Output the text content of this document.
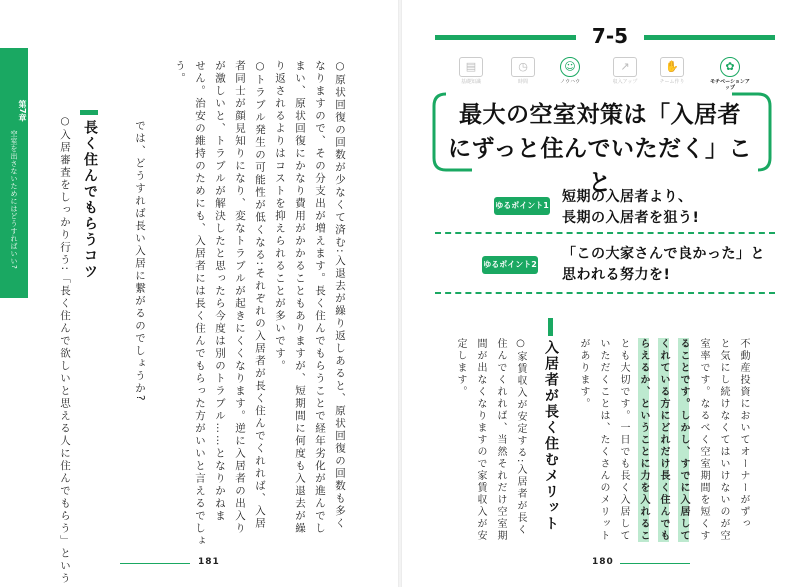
第7章
空室を出さないためにはどうすればいい?	○原状回復の回数が少なくて済む:入退去が繰り返しあると、原状回復の回数も多く
なりますので、その分支出が増えます。長く住んでもらうことで経年劣化が進んでし
まい、原状回復にかなり費用がかかることもありますが、短期間に何度も入退去が繰
り返されるよりはコストを抑えられることが多いです。
○トラブル発生の可能性が低くなる:それぞれの入居者が長く住んでくれれば、入居
者同士が顔見知りになり、変なトラブルが起きにくくなります。逆に入居者の出入り
が激しいと、トラブルが解決したと思ったら今度は別のトラブル……となりかねま
せん。治安の維持のためにも、入居者には長く住んでもらった方がいいと言えるでしょ
う。
では、どうすれば長い入居に繋がるのでしょうか?
長く住んでもらうコツ
○入居審査をしっかり行う:「長く住んで欲しいと思える人に住んでもらう」という	181
7-5
▤
基礎知識
◷
時間
☺
ノウハウ
↗
収入アップ
✋
チーム作り
✿
モチベーションアップ
最大の空室対策は「入居者
にずっと住んでいただく」こと
ゆるポイント1
短期の入居者より、
長期の入居者を狙う!
ゆるポイント2
「この大家さんで良かった」と
思われる努力を!
不動産投資においてオーナーがずっ
と気にし続けなくてはいけないのが空
室率です。なるべく空室期間を短くす
ることです。しかし、すでに入居して
くれている方にどれだけ長く住んでも
らえるか、ということに力を入れるこ
とも大切です。一日でも長く入居して
いただくことは、たくさんのメリット
があります。
入居者が長く住むメリット
○家賃収入が安定する:入居者が長く
住んでくれれば、当然それだけ空室期
間が出なくなりますので家賃収入が安
定します。
180
